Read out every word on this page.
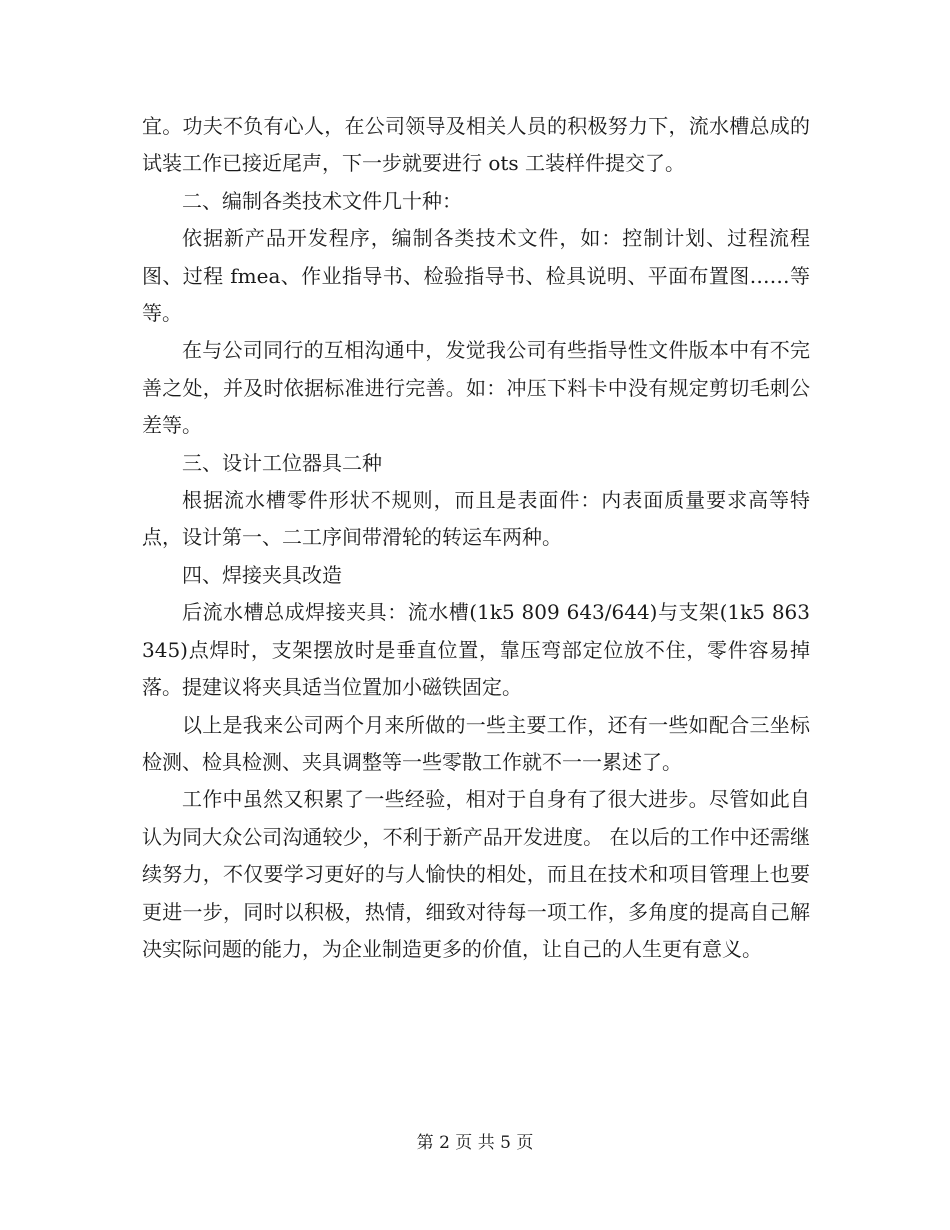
宜。功夫不负有心人，在公司领导及相关人员的积极努力下，流水槽总成的试装工作已接近尾声，下一步就要进行 ots 工装样件提交了。

二、编制各类技术文件几十种：

依据新产品开发程序，编制各类技术文件，如：控制计划、过程流程图、过程 fmea、作业指导书、检验指导书、检具说明、平面布置图……等等。

在与公司同行的互相沟通中，发觉我公司有些指导性文件版本中有不完善之处，并及时依据标准进行完善。如：冲压下料卡中没有规定剪切毛刺公差等。

三、设计工位器具二种

根据流水槽零件形状不规则，而且是表面件：内表面质量要求高等特点，设计第一、二工序间带滑轮的转运车两种。

四、焊接夹具改造

后流水槽总成焊接夹具：流水槽(1k5 809 643/644)与支架(1k5 863 345)点焊时，支架摆放时是垂直位置，靠压弯部定位放不住，零件容易掉落。提建议将夹具适当位置加小磁铁固定。

以上是我来公司两个月来所做的一些主要工作，还有一些如配合三坐标检测、检具检测、夹具调整等一些零散工作就不一一累述了。

工作中虽然又积累了一些经验，相对于自身有了很大进步。尽管如此自认为同大众公司沟通较少，不利于新产品开发进度。 在以后的工作中还需继续努力，不仅要学习更好的与人愉快的相处，而且在技术和项目管理上也要更进一步，同时以积极，热情，细致对待每一项工作，多角度的提高自己解决实际问题的能力，为企业制造更多的价值，让自己的人生更有意义。

第 2 页 共 5 页
